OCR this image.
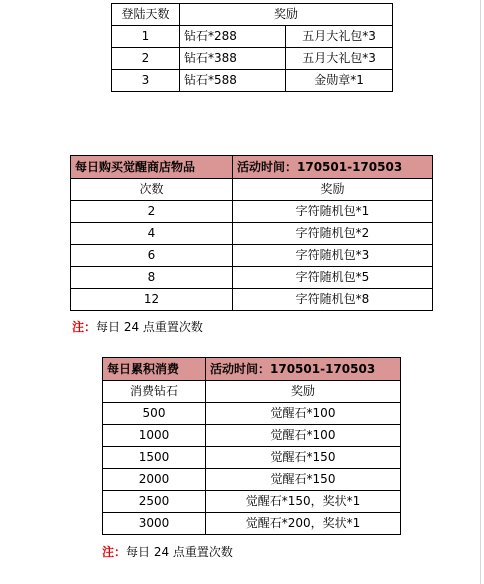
登陆天数	奖励	
1	钻石*288	五月大礼包*3
2	钻石*388	五月大礼包*3
3	钻石*588	金勋章*1
每日购买觉醒商店物品	活动时间：170501-170503
次数	奖励
2	字符随机包*1
4	字符随机包*2
6	字符随机包*3
8	字符随机包*5
12	字符随机包*8
注：每日 24 点重置次数
每日累积消费	活动时间：170501-170503
消费钻石	奖励
500	觉醒石*100
1000	觉醒石*100
1500	觉醒石*150
2000	觉醒石*150
2500	觉醒石*150，奖状*1
3000	觉醒石*200，奖状*1
注：每日 24 点重置次数
